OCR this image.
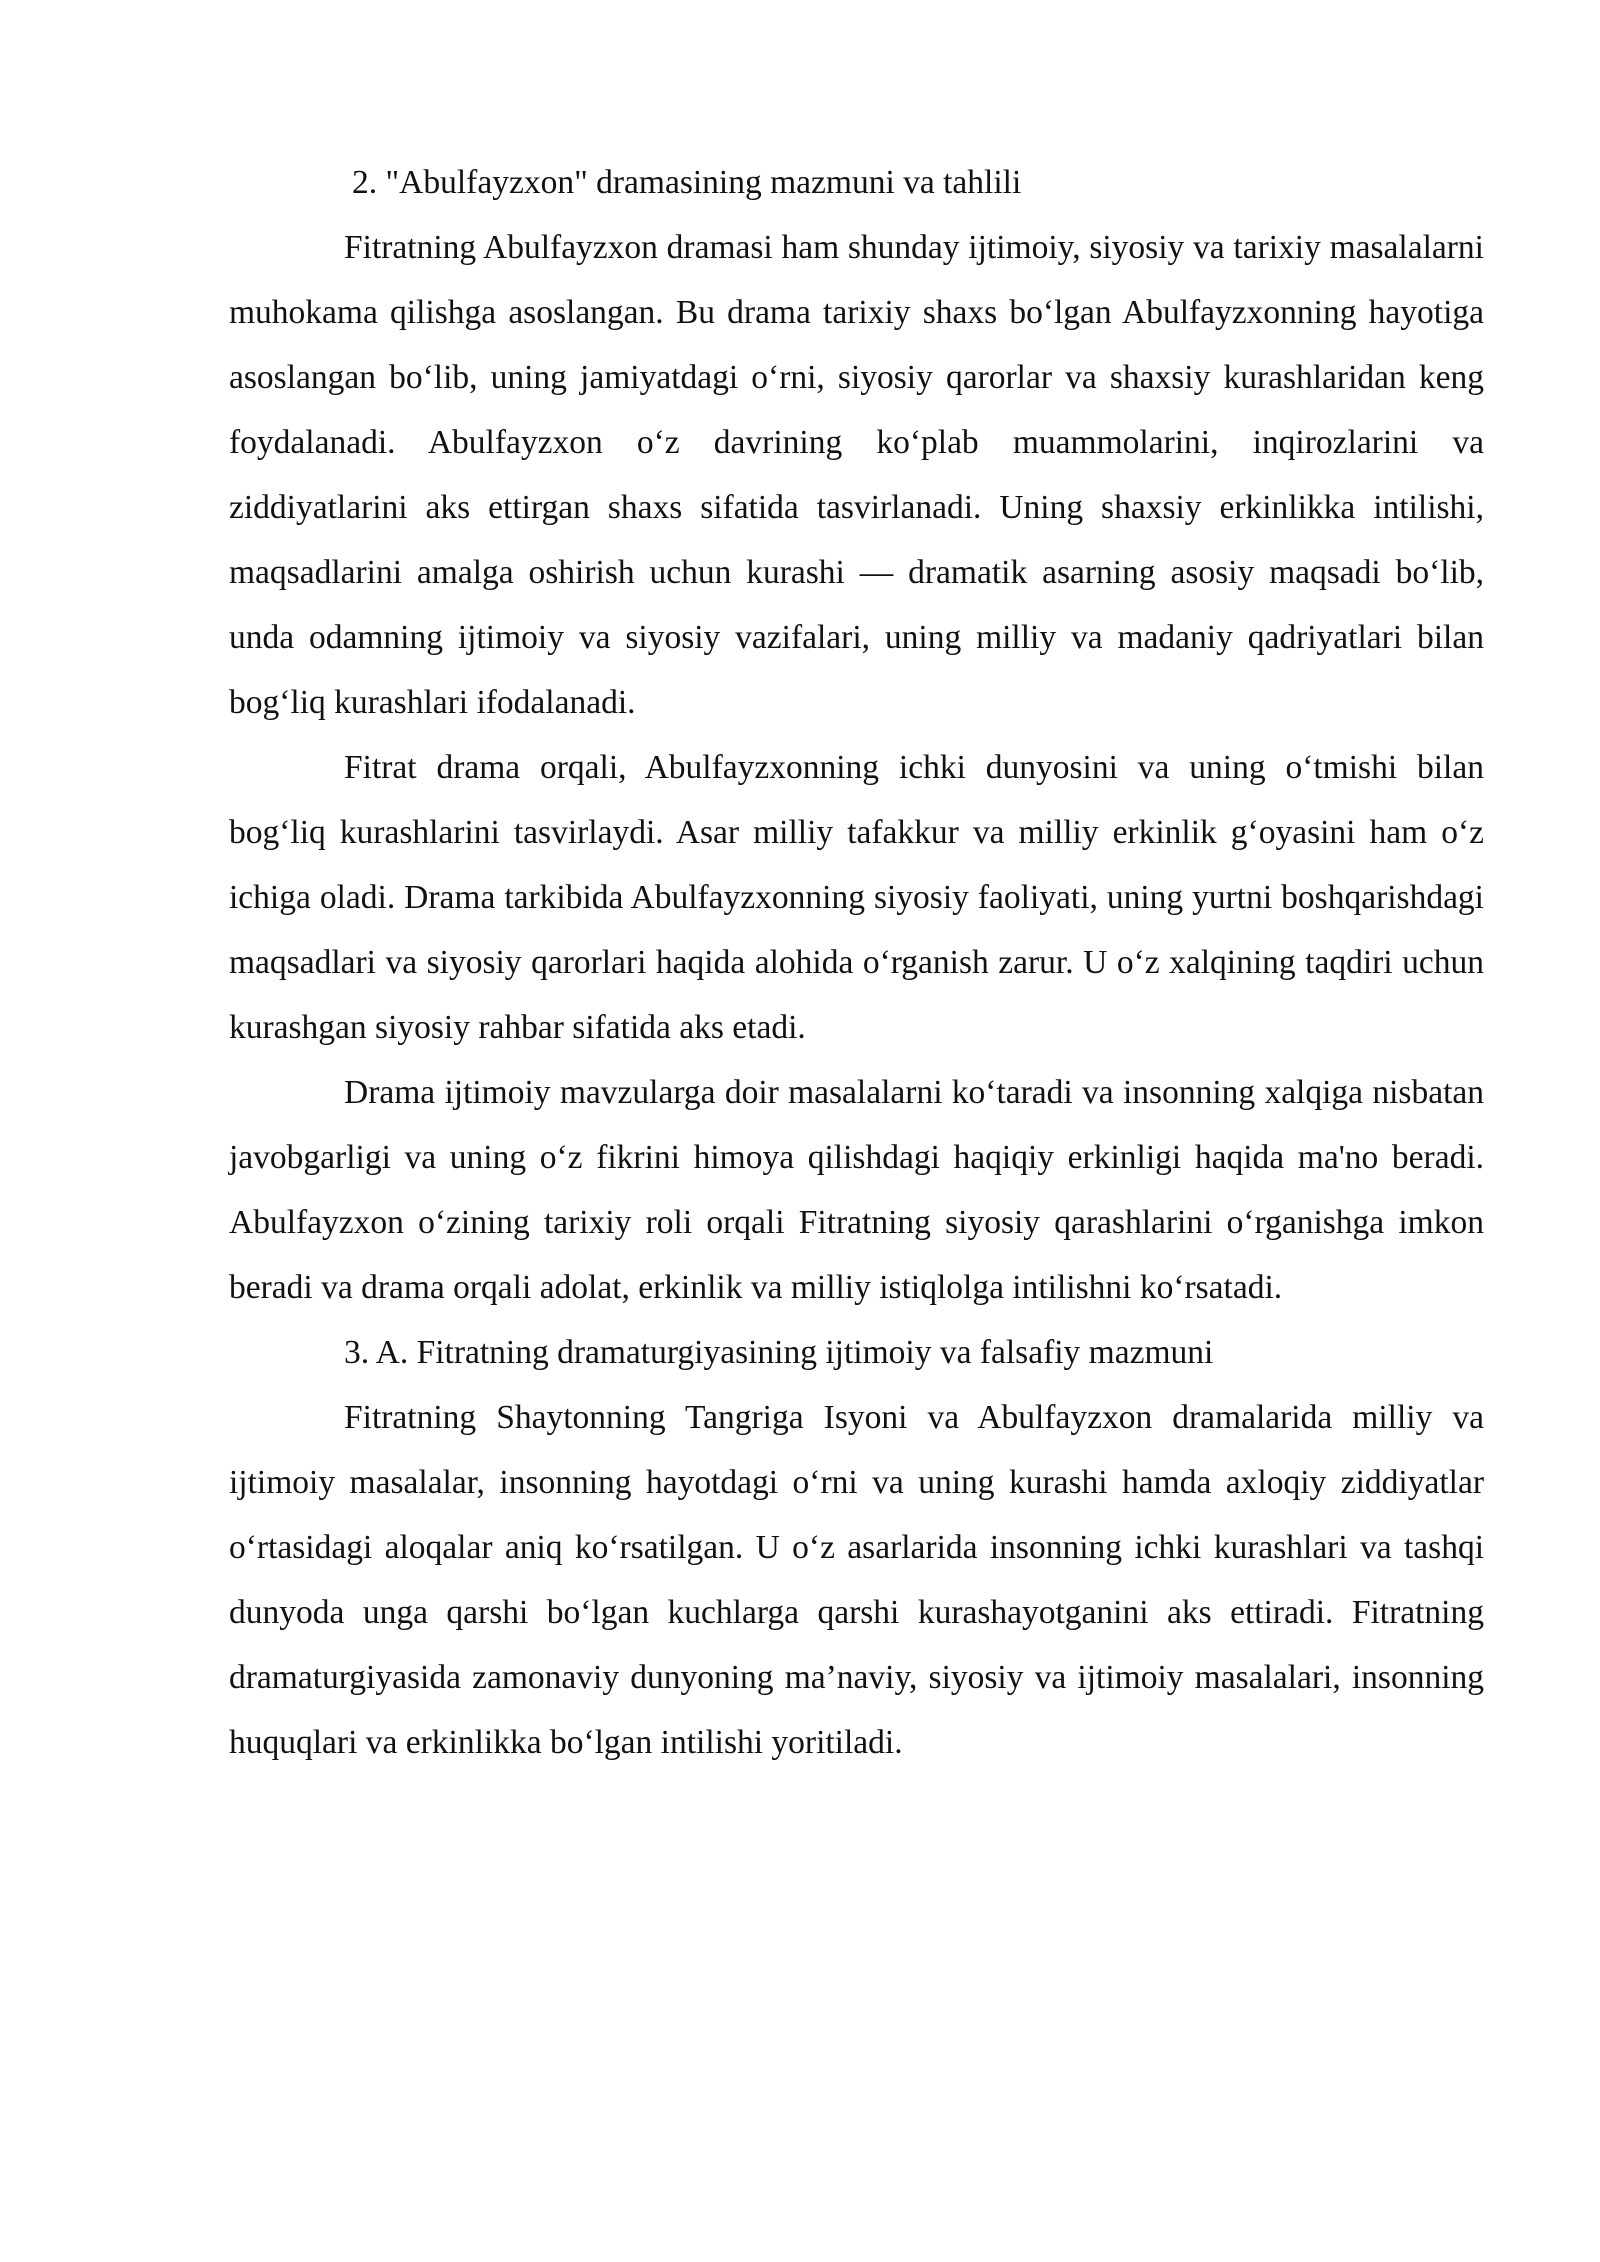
2. "Abulfayzxon" dramasining mazmuni va tahlili

Fitratning Abulfayzxon dramasi ham shunday ijtimoiy, siyosiy va tarixiy masalalarni muhokama qilishga asoslangan. Bu drama tarixiy shaxs bo‘lgan Abulfayzxonning hayotiga asoslangan bo‘lib, uning jamiyatdagi o‘rni, siyosiy qarorlar va shaxsiy kurashlaridan keng foydalanadi. Abulfayzxon o‘z davrining ko‘plab muammolarini, inqirozlarini va ziddiyatlarini aks ettirgan shaxs sifatida tasvirlanadi. Uning shaxsiy erkinlikka intilishi, maqsadlarini amalga oshirish uchun kurashi — dramatik asarning asosiy maqsadi bo‘lib, unda odamning ijtimoiy va siyosiy vazifalari, uning milliy va madaniy qadriyatlari bilan bog‘liq kurashlari ifodalanadi.

Fitrat drama orqali, Abulfayzxonning ichki dunyosini va uning o‘tmishi bilan bog‘liq kurashlarini tasvirlaydi. Asar milliy tafakkur va milliy erkinlik g‘oyasini ham o‘z ichiga oladi. Drama tarkibida Abulfayzxonning siyosiy faoliyati, uning yurtni boshqarishdagi maqsadlari va siyosiy qarorlari haqida alohida o‘rganish zarur. U o‘z xalqining taqdiri uchun kurashgan siyosiy rahbar sifatida aks etadi.

Drama ijtimoiy mavzularga doir masalalarni ko‘taradi va insonning xalqiga nisbatan javobgarligi va uning o‘z fikrini himoya qilishdagi haqiqiy erkinligi haqida ma'no beradi. Abulfayzxon o‘zining tarixiy roli orqali Fitratning siyosiy qarashlarini o‘rganishga imkon beradi va drama orqali adolat, erkinlik va milliy istiqlolga intilishni ko‘rsatadi.

3. A. Fitratning dramaturgiyasining ijtimoiy va falsafiy mazmuni

Fitratning Shaytonning Tangriga Isyoni va Abulfayzxon dramalarida milliy va ijtimoiy masalalar, insonning hayotdagi o‘rni va uning kurashi hamda axloqiy ziddiyatlar o‘rtasidagi aloqalar aniq ko‘rsatilgan. U o‘z asarlarida insonning ichki kurashlari va tashqi dunyoda unga qarshi bo‘lgan kuchlarga qarshi kurashayotganini aks ettiradi. Fitratning dramaturgiyasida zamonaviy dunyoning ma’naviy, siyosiy va ijtimoiy masalalari, insonning huquqlari va erkinlikka bo‘lgan intilishi yoritiladi.
